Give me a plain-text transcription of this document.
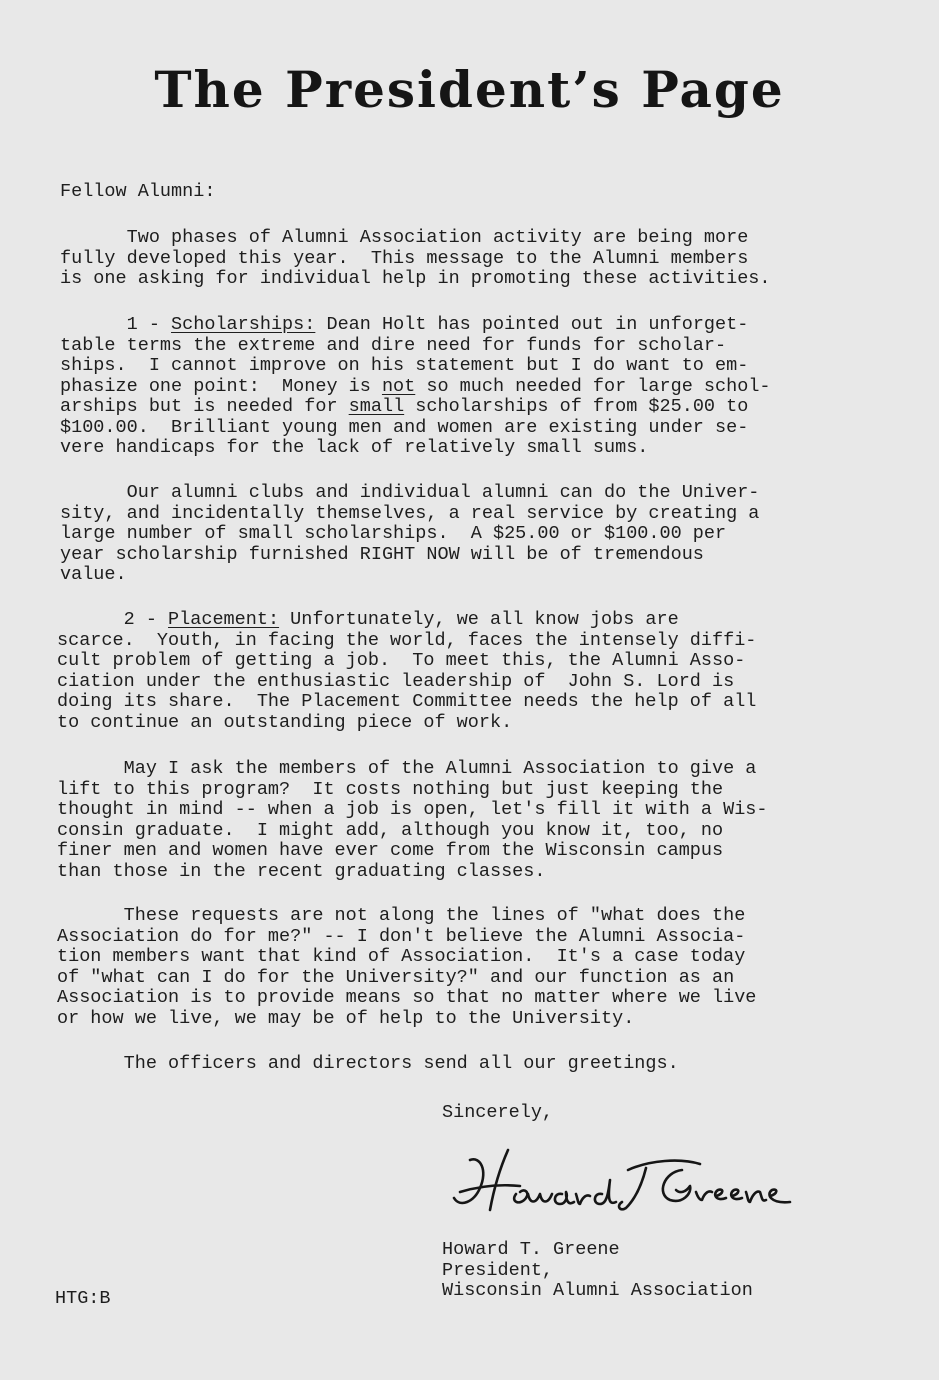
The President’s Page

Fellow Alumni:

Two phases of Alumni Association activity are being more

fully developed this year.  This message to the Alumni members

is one asking for individual help in promoting these activities.

1 - Scholarships: Dean Holt has pointed out in unforget-

table terms the extreme and dire need for funds for scholar-

ships.  I cannot improve on his statement but I do want to em-

phasize one point:  Money is not so much needed for large schol-

arships but is needed for small scholarships of from $25.00 to

$100.00.  Brilliant young men and women are existing under se-

vere handicaps for the lack of relatively small sums.

Our alumni clubs and individual alumni can do the Univer-

sity, and incidentally themselves, a real service by creating a

large number of small scholarships.  A $25.00 or $100.00 per

year scholarship furnished RIGHT NOW will be of tremendous

value.

2 - Placement: Unfortunately, we all know jobs are

scarce.  Youth, in facing the world, faces the intensely diffi-

cult problem of getting a job.  To meet this, the Alumni Asso-

ciation under the enthusiastic leadership of  John S. Lord is

doing its share.  The Placement Committee needs the help of all

to continue an outstanding piece of work.

May I ask the members of the Alumni Association to give a

lift to this program?  It costs nothing but just keeping the

thought in mind -- when a job is open, let's fill it with a Wis-

consin graduate.  I might add, although you know it, too, no

finer men and women have ever come from the Wisconsin campus

than those in the recent graduating classes.

These requests are not along the lines of "what does the

Association do for me?" -- I don't believe the Alumni Associa-

tion members want that kind of Association.  It's a case today

of "what can I do for the University?" and our function as an

Association is to provide means so that no matter where we live

or how we live, we may be of help to the University.

The officers and directors send all our greetings.

Sincerely,

Howard T. Greene

President,

Wisconsin Alumni Association

HTG:B
